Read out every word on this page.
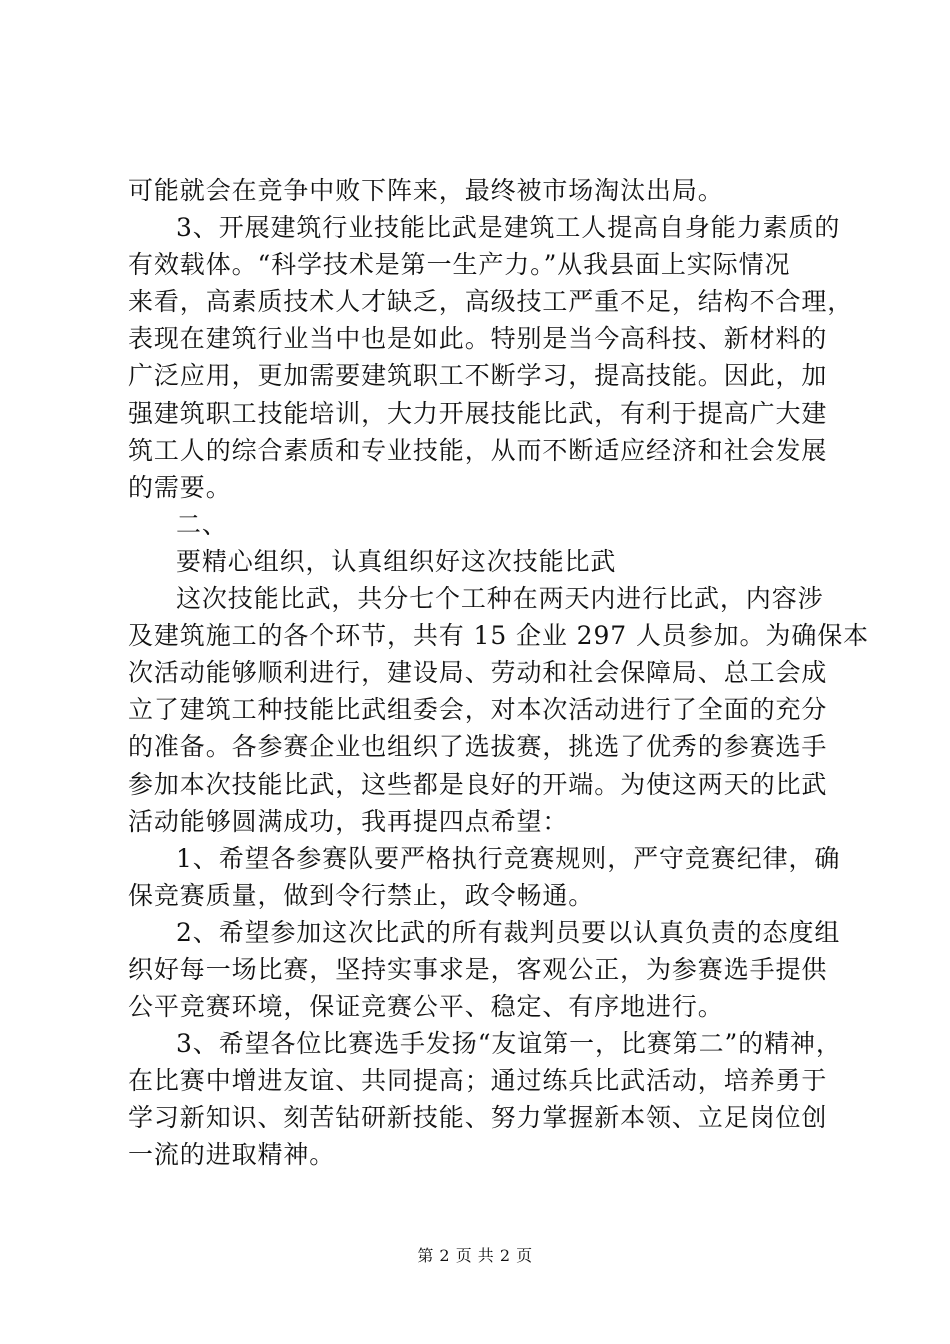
可能就会在竞争中败下阵来，最终被市场淘汰出局。
3、开展建筑行业技能比武是建筑工人提高自身能力素质的
有效载体。“科学技术是第一生产力。”从我县面上实际情况
来看，高素质技术人才缺乏，高级技工严重不足，结构不合理，
表现在建筑行业当中也是如此。特别是当今高科技、新材料的
广泛应用，更加需要建筑职工不断学习，提高技能。因此，加
强建筑职工技能培训，大力开展技能比武，有利于提高广大建
筑工人的综合素质和专业技能，从而不断适应经济和社会发展
的需要。
二、
要精心组织，认真组织好这次技能比武
这次技能比武，共分七个工种在两天内进行比武，内容涉
及建筑施工的各个环节，共有 15 企业 297 人员参加。为确保本
次活动能够顺利进行，建设局、劳动和社会保障局、总工会成
立了建筑工种技能比武组委会，对本次活动进行了全面的充分
的准备。各参赛企业也组织了选拔赛，挑选了优秀的参赛选手
参加本次技能比武，这些都是良好的开端。为使这两天的比武
活动能够圆满成功，我再提四点希望：
1、希望各参赛队要严格执行竞赛规则，严守竞赛纪律，确
保竞赛质量，做到令行禁止，政令畅通。
2、希望参加这次比武的所有裁判员要以认真负责的态度组
织好每一场比赛，坚持实事求是，客观公正，为参赛选手提供
公平竞赛环境，保证竞赛公平、稳定、有序地进行。
3、希望各位比赛选手发扬“友谊第一，比赛第二”的精神，
在比赛中增进友谊、共同提高；通过练兵比武活动，培养勇于
学习新知识、刻苦钻研新技能、努力掌握新本领、立足岗位创
一流的进取精神。
第 2 页 共 2 页
